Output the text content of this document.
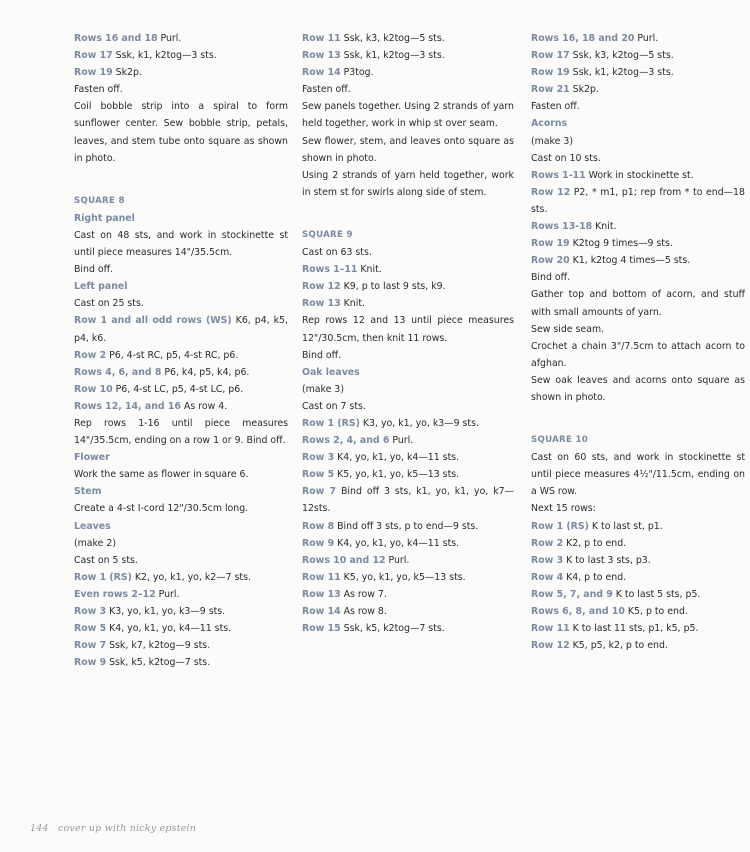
Rows 16 and 18 Purl.

Row 17 Ssk, k1, k2tog—3 sts.

Row 19 Sk2p.

Fasten off.

Coil bobble strip into a spiral to form sunflower center. Sew bobble strip, petals, leaves, and stem tube onto square as shown in photo.

SQUARE 8

Right panel

Cast on 48 sts, and work in stockinette st until piece measures 14"/35.5cm.

Bind off.

Left panel

Cast on 25 sts.

Row 1 and all odd rows (WS) K6, p4, k5, p4, k6.

Row 2 P6, 4-st RC, p5, 4-st RC, p6.

Rows 4, 6, and 8 P6, k4, p5, k4, p6.

Row 10 P6, 4-st LC, p5, 4-st LC, p6.

Rows 12, 14, and 16 As row 4.

Rep rows 1-16 until piece measures 14"/35.5cm, ending on a row 1 or 9. Bind off.

Flower

Work the same as flower in square 6.

Stem

Create a 4-st I-cord 12"/30.5cm long.

Leaves

(make 2)

Cast on 5 sts.

Row 1 (RS) K2, yo, k1, yo, k2—7 sts.

Even rows 2–12 Purl.

Row 3 K3, yo, k1, yo, k3—9 sts.

Row 5 K4, yo, k1, yo, k4—11 sts.

Row 7 Ssk, k7, k2tog—9 sts.

Row 9 Ssk, k5, k2tog—7 sts.

Row 11 Ssk, k3, k2tog—5 sts.

Row 13 Ssk, k1, k2tog—3 sts.

Row 14 P3tog.

Fasten off.

Sew panels together. Using 2 strands of yarn held together, work in whip st over seam.

Sew flower, stem, and leaves onto square as shown in photo.

Using 2 strands of yarn held together, work in stem st for swirls along side of stem.

SQUARE 9

Cast on 63 sts.

Rows 1–11 Knit.

Row 12 K9, p to last 9 sts, k9.

Row 13 Knit.

Rep rows 12 and 13 until piece measures 12"/30.5cm, then knit 11 rows.

Bind off.

Oak leaves

(make 3)

Cast on 7 sts.

Row 1 (RS) K3, yo, k1, yo, k3—9 sts.

Rows 2, 4, and 6 Purl.

Row 3 K4, yo, k1, yo, k4—11 sts.

Row 5 K5, yo, k1, yo, k5—13 sts.

Row 7 Bind off 3 sts, k1, yo, k1, yo, k7—12sts.

Row 8 Bind off 3 sts, p to end—9 sts.

Row 9 K4, yo, k1, yo, k4—11 sts.

Rows 10 and 12 Purl.

Row 11 K5, yo, k1, yo, k5—13 sts.

Row 13 As row 7.

Row 14 As row 8.

Row 15 Ssk, k5, k2tog—7 sts.

Rows 16, 18 and 20 Purl.

Row 17 Ssk, k3, k2tog—5 sts.

Row 19 Ssk, k1, k2tog—3 sts.

Row 21 Sk2p.

Fasten off.

Acorns

(make 3)

Cast on 10 sts.

Rows 1-11 Work in stockinette st.

Row 12 P2, * m1, p1; rep from * to end—18 sts.

Rows 13-18 Knit.

Row 19 K2tog 9 times—9 sts.

Row 20 K1, k2tog 4 times—5 sts.

Bind off.

Gather top and bottom of acorn, and stuff with small amounts of yarn.

Sew side seam.

Crochet a chain 3"/7.5cm to attach acorn to afghan.

Sew oak leaves and acorns onto square as shown in photo.

SQUARE 10

Cast on 60 sts, and work in stockinette st until piece measures 4½"/11.5cm, ending on a WS row.

Next 15 rows:

Row 1 (RS) K to last st, p1.

Row 2 K2, p to end.

Row 3 K to last 3 sts, p3.

Row 4 K4, p to end.

Row 5, 7, and 9 K to last 5 sts, p5.

Rows 6, 8, and 10 K5, p to end.

Row 11 K to last 11 sts, p1, k5, p5.

Row 12 K5, p5, k2, p to end.

144 cover up with nicky epstein
